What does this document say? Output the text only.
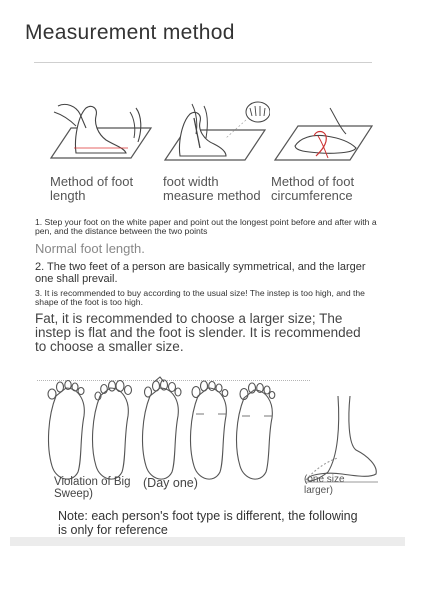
Measurement method
Method of foot length
foot width measure method
Method of foot circumference
1. Step your foot on the white paper and point out the longest point before and after with a pen, and the distance between the two points
Normal foot length.
2. The two feet of a person are basically symmetrical, and the larger one shall prevail.
3. It is recommended to buy according to the usual size! The instep is too high, and the shape of the foot is too high.
Fat, it is recommended to choose a larger size; The instep is flat and the foot is slender. It is recommended to choose a smaller size.
Violation of Big Sweep)
(Day one)	(one size larger)
Note: each person's foot type is different, the following is only for reference
